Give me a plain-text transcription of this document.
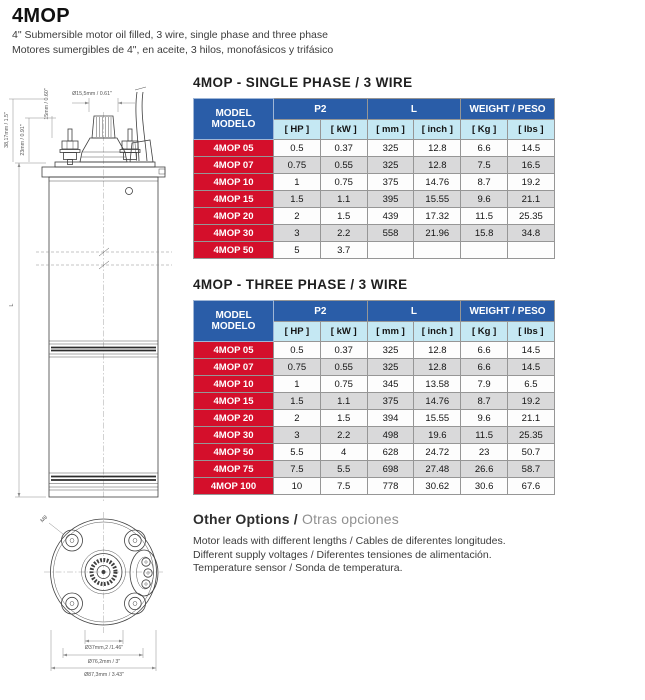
4MOP
4" Submersible motor oil filled, 3 wire, single phase and three phase
Motores sumergibles de 4", en aceite, 3 hilos, monofásicos y trifásico
Ø15,5mm / 0.61"
15mm / 0.60"
38,17mm / 1.5" 23mm / 0.91"
L
M8
Ø37mm,2 /1.46"
Ø76,2mm / 3"
Ø87,3mm / 3.43"
4MOP - SINGLE PHASE / 3 WIRE
MODEL
MODELO	P2		L		WEIGHT / PESO	
	[ HP ]	[ kW ]	[ mm ]	[ inch ]	[ Kg ]	[ lbs ]
4MOP 05	0.5	0.37	325	12.8	6.6	14.5
4MOP 07	0.75	0.55	325	12.8	7.5	16.5
4MOP 10	1	0.75	375	14.76	8.7	19.2
4MOP 15	1.5	1.1	395	15.55	9.6	21.1
4MOP 20	2	1.5	439	17.32	11.5	25.35
4MOP 30	3	2.2	558	21.96	15.8	34.8
4MOP 50	5	3.7				
4MOP - THREE PHASE / 3 WIRE
MODEL
MODELO	P2		L		WEIGHT / PESO	
	[ HP ]	[ kW ]	[ mm ]	[ inch ]	[ Kg ]	[ lbs ]
4MOP 05	0.5	0.37	325	12.8	6.6	14.5
4MOP 07	0.75	0.55	325	12.8	6.6	14.5
4MOP 10	1	0.75	345	13.58	7.9	6.5
4MOP 15	1.5	1.1	375	14.76	8.7	19.2
4MOP 20	2	1.5	394	15.55	9.6	21.1
4MOP 30	3	2.2	498	19.6	11.5	25.35
4MOP 50	5.5	4	628	24.72	23	50.7
4MOP 75	7.5	5.5	698	27.48	26.6	58.7
4MOP 100	10	7.5	778	30.62	30.6	67.6
Other Options / Otras opciones
Motor leads with different lengths / Cables de diferentes longitudes.
Different supply voltages / Diferentes tensiones de alimentación.
Temperature sensor / Sonda de temperatura.
